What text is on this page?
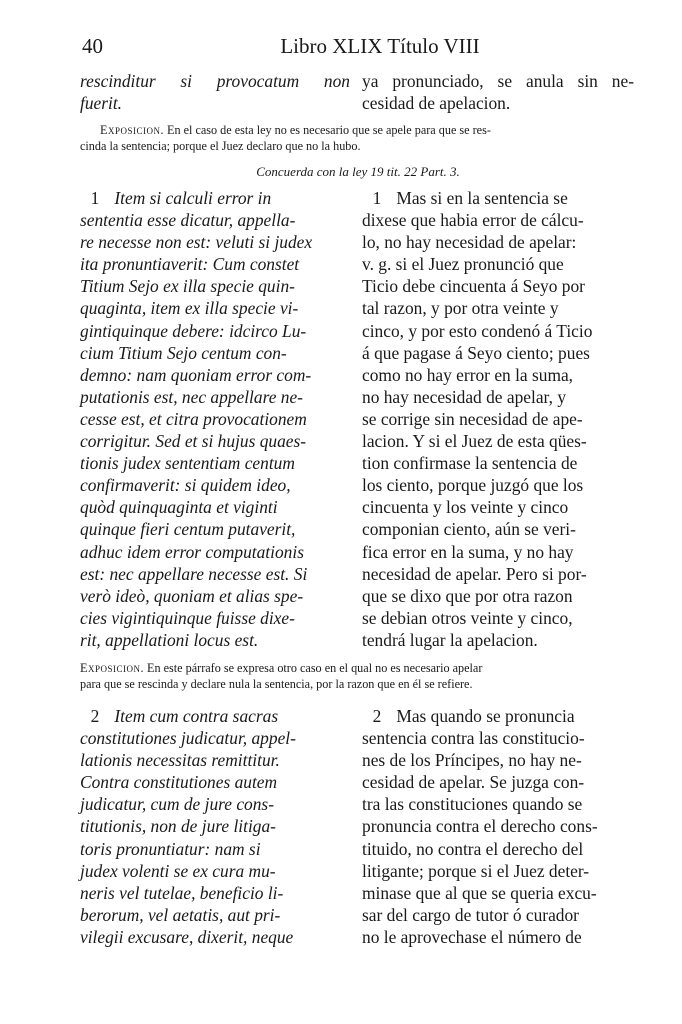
40	Libro XLIX Título VIII
rescinditur si provocatum non
fuerit.
ya pronunciado, se anula sin ne-
cesidad de apelacion.
Exposicion. En el caso de esta ley no es necesario que se apele para que se res-
cinda la sentencia; porque el Juez declaro que no la hubo.
Concuerda con la ley 19 tit. 22 Part. 3.
1 Item si calculi error in
sententia esse dicatur, appella-
re necesse non est: veluti si judex
ita pronuntiaverit: Cum constet
Titium Sejo ex illa specie quin-
quaginta, item ex illa specie vi-
gintiquinque debere: idcirco Lu-
cium Titium Sejo centum con-
demno: nam quoniam error com-
putationis est, nec appellare ne-
cesse est, et citra provocationem
corrigitur. Sed et si hujus quaes-
tionis judex sententiam centum
confirmaverit: si quidem ideo,
quòd quinquaginta et viginti
quinque fieri centum putaverit,
adhuc idem error computationis
est: nec appellare necesse est. Si
verò ideò, quoniam et alias spe-
cies vigintiquinque fuisse dixe-
rit, appellationi locus est.
1 Mas si en la sentencia se
dixese que habia error de cálcu-
lo, no hay necesidad de apelar:
v. g. si el Juez pronunció que
Ticio debe cincuenta á Seyo por
tal razon, y por otra veinte y
cinco, y por esto condenó á Ticio
á que pagase á Seyo ciento; pues
como no hay error en la suma,
no hay necesidad de apelar, y
se corrige sin necesidad de ape-
lacion. Y si el Juez de esta qües-
tion confirmase la sentencia de
los ciento, porque juzgó que los
cincuenta y los veinte y cinco
componian ciento, aún se veri-
fica error en la suma, y no hay
necesidad de apelar. Pero si por-
que se dixo que por otra razon
se debian otros veinte y cinco,
tendrá lugar la apelacion.
Exposicion. En este párrafo se expresa otro caso en el qual no es necesario apelar
para que se rescinda y declare nula la sentencia, por la razon que en él se refiere.
2 Item cum contra sacras
constitutiones judicatur, appel-
lationis necessitas remittitur.
Contra constitutiones autem
judicatur, cum de jure cons-
titutionis, non de jure litiga-
toris pronuntiatur: nam si
judex volenti se ex cura mu-
neris vel tutelae, beneficio li-
berorum, vel aetatis, aut pri-
vilegii excusare, dixerit, neque
2 Mas quando se pronuncia
sentencia contra las constitucio-
nes de los Príncipes, no hay ne-
cesidad de apelar. Se juzga con-
tra las constituciones quando se
pronuncia contra el derecho cons-
tituido, no contra el derecho del
litigante; porque si el Juez deter-
minase que al que se queria excu-
sar del cargo de tutor ó curador
no le aprovechase el número de
